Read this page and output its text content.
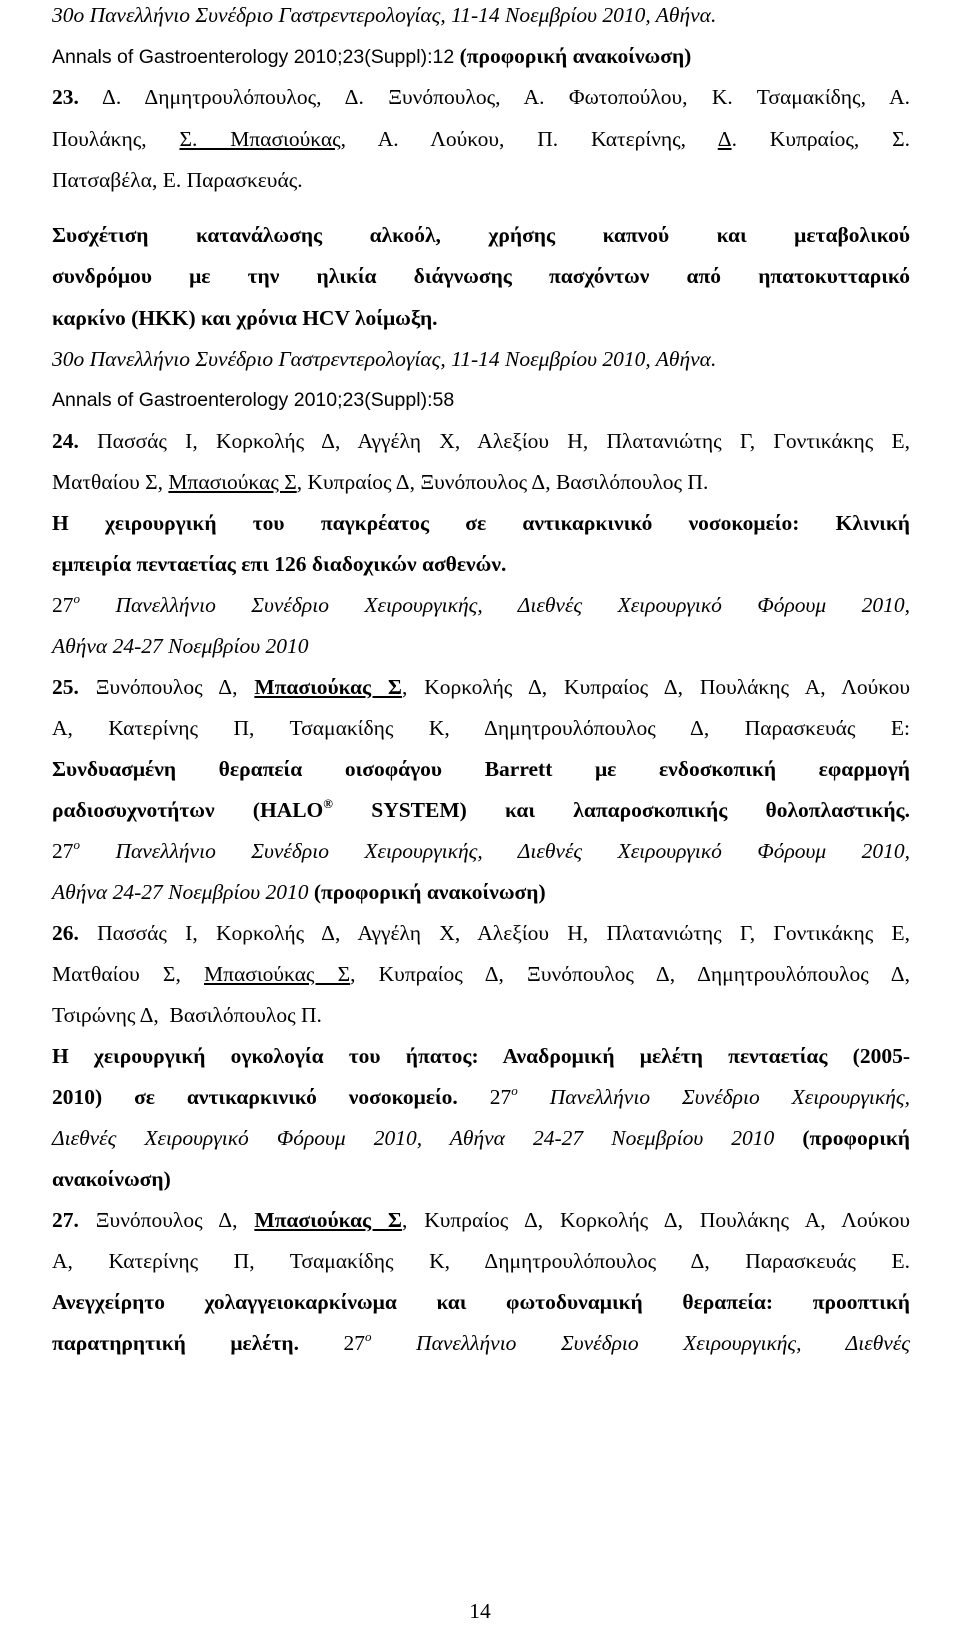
30ο Πανελλήνιο Συνέδριο Γαστρεντερολογίας, 11-14 Νοεμβρίου 2010, Αθήνα.
Annals of Gastroenterology 2010;23(Suppl):12 (προφορική ανακοίνωση)
23. Δ. Δημητρουλόπουλος, Δ. Ξυνόπουλος, Α. Φωτοπούλου, Κ. Τσαμακίδης, Α.
Πουλάκης, Σ. Μπασιούκας, Α. Λούκου, Π. Κατερίνης, Δ. Κυπραίος, Σ.
Πατσαβέλα, Ε. Παρασκευάς.
Συσχέτιση κατανάλωσης αλκοόλ, χρήσης καπνού και μεταβολικού
συνδρόμου με την ηλικία διάγνωσης πασχόντων από ηπατοκυτταρικό
καρκίνο (ΗΚΚ) και χρόνια HCV λοίμωξη.
30ο Πανελλήνιο Συνέδριο Γαστρεντερολογίας, 11-14 Νοεμβρίου 2010, Αθήνα.
Annals of Gastroenterology 2010;23(Suppl):58
24. Πασσάς Ι, Κορκολής Δ, Αγγέλη Χ, Αλεξίου Η, Πλατανιώτης Γ, Γοντικάκης Ε,
Ματθαίου Σ, Μπασιούκας Σ, Κυπραίος Δ, Ξυνόπουλος Δ, Βασιλόπουλος Π.
Η χειρουργική του παγκρέατος σε αντικαρκινικό νοσοκομείο: Κλινική
εμπειρία πενταετίας επι 126 διαδοχικών ασθενών.
$27^o$ Πανελλήνιο Συνέδριο Χειρουργικής, Διεθνές Χειρουργικό Φόρουμ 2010,
Αθήνα 24-27 Νοεμβρίου 2010
25. Ξυνόπουλος Δ, Μπασιούκας Σ, Κορκολής Δ, Κυπραίος Δ, Πουλάκης Α, Λούκου
Α, Κατερίνης Π, Τσαμακίδης Κ, Δημητρουλόπουλος Δ, Παρασκευάς Ε:
Συνδυασμένη θεραπεία οισοφάγου Barrett με ενδοσκοπική εφαρμογή
ραδιοσυχνοτήτων (HALO® SYSTEM) και λαπαροσκοπικής θολοπλαστικής.
$27^o$ Πανελλήνιο Συνέδριο Χειρουργικής, Διεθνές Χειρουργικό Φόρουμ 2010,
Αθήνα 24-27 Νοεμβρίου 2010 (προφορική ανακοίνωση)
26. Πασσάς Ι, Κορκολής Δ, Αγγέλη Χ, Αλεξίου Η, Πλατανιώτης Γ, Γοντικάκης Ε,
Ματθαίου Σ, Μπασιούκας Σ, Κυπραίος Δ, Ξυνόπουλος Δ, Δημητρουλόπουλος Δ,
Τσιρώνης Δ,  Βασιλόπουλος Π.
Η χειρουργική ογκολογία του ήπατος: Αναδρομική μελέτη πενταετίας (2005-
2010) σε αντικαρκινικό νοσοκομείο. $27^o$ Πανελλήνιο Συνέδριο Χειρουργικής,
Διεθνές Χειρουργικό Φόρουμ 2010, Αθήνα 24-27 Νοεμβρίου 2010 (προφορική
ανακοίνωση)
27. Ξυνόπουλος Δ, Μπασιούκας Σ, Κυπραίος Δ, Κορκολής Δ, Πουλάκης Α, Λούκου
Α, Κατερίνης Π, Τσαμακίδης Κ, Δημητρουλόπουλος Δ, Παρασκευάς Ε.
Ανεγχείρητο χολαγγειοκαρκίνωμα και φωτοδυναμική θεραπεία: προοπτική
παρατηρητική μελέτη. $27^o$ Πανελλήνιο Συνέδριο Χειρουργικής, Διεθνές
14
